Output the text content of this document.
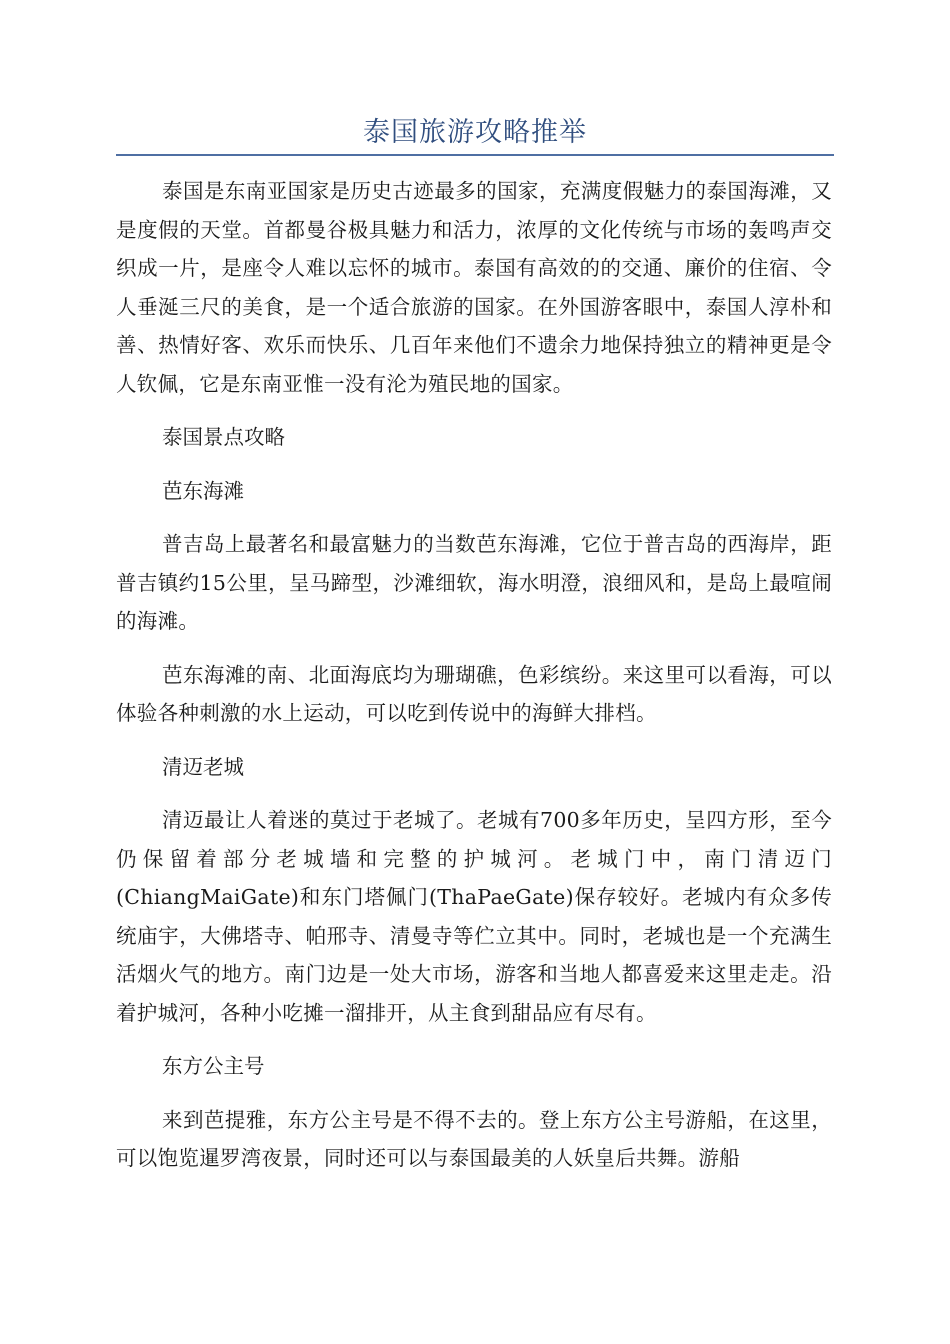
泰国旅游攻略推举

泰国是东南亚国家是历史古迹最多的国家，充满度假魅力的泰国海滩，又是度假的天堂。首都曼谷极具魅力和活力，浓厚的文化传统与市场的轰鸣声交织成一片，是座令人难以忘怀的城市。泰国有高效的的交通、廉价的住宿、令人垂涎三尺的美食，是一个适合旅游的国家。在外国游客眼中，泰国人淳朴和善、热情好客、欢乐而快乐、几百年来他们不遗余力地保持独立的精神更是令人钦佩，它是东南亚惟一没有沦为殖民地的国家。

泰国景点攻略

芭东海滩

普吉岛上最著名和最富魅力的当数芭东海滩，它位于普吉岛的西海岸，距普吉镇约15公里，呈马蹄型，沙滩细软，海水明澄，浪细风和，是岛上最喧闹的海滩。

芭东海滩的南、北面海底均为珊瑚礁，色彩缤纷。来这里可以看海，可以体验各种刺激的水上运动，可以吃到传说中的海鲜大排档。

清迈老城

清迈最让人着迷的莫过于老城了。老城有700多年历史，呈四方形，至今仍保留着部分老城墙和完整的护城河。老城门中，南门清迈门(ChiangMaiGate)和东门塔佩门(ThaPaeGate)保存较好。老城内有众多传统庙宇，大佛塔寺、帕邢寺、清曼寺等伫立其中。同时，老城也是一个充满生活烟火气的地方。南门边是一处大市场，游客和当地人都喜爱来这里走走。沿着护城河，各种小吃摊一溜排开，从主食到甜品应有尽有。

东方公主号

来到芭提雅，东方公主号是不得不去的。登上东方公主号游船，在这里，可以饱览暹罗湾夜景，同时还可以与泰国最美的人妖皇后共舞。游船
